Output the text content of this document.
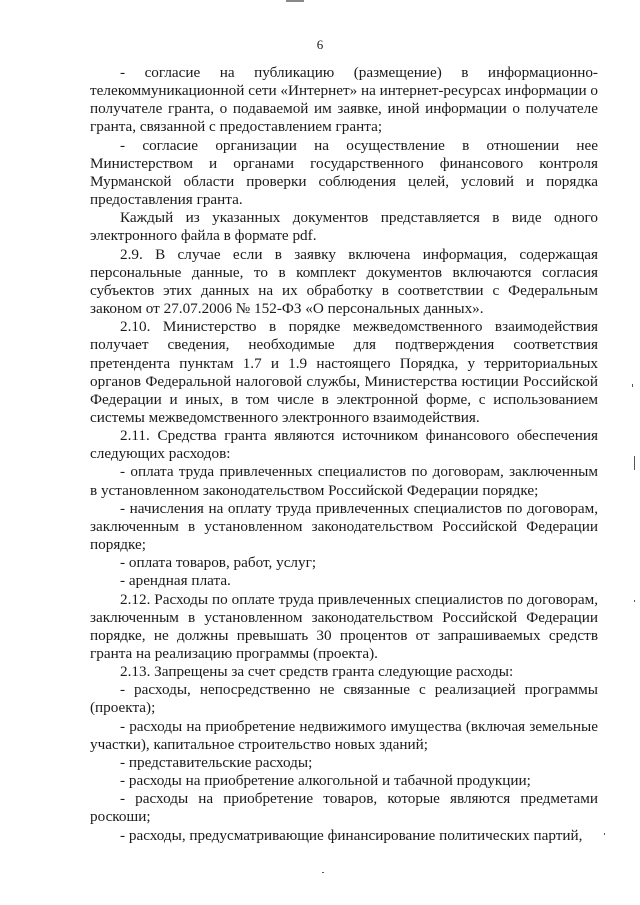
6

- согласие на публикацию (размещение) в информационно-телекоммуникационной сети «Интернет» на интернет-ресурсах информации о получателе гранта, о подаваемой им заявке, иной информации о получателе гранта, связанной с предоставлением гранта;

- согласие организации на осуществление в отношении нее Министерством и органами государственного финансового контроля Мурманской области проверки соблюдения целей, условий и порядка предоставления гранта.

Каждый из указанных документов представляется в виде одного электронного файла в формате pdf.

2.9. В случае если в заявку включена информация, содержащая персональные данные, то в комплект документов включаются согласия субъектов этих данных на их обработку в соответствии с Федеральным законом от 27.07.2006 № 152-ФЗ «О персональных данных».

2.10. Министерство в порядке межведомственного взаимодействия получает сведения, необходимые для подтверждения соответствия претендента пунктам 1.7 и 1.9 настоящего Порядка, у территориальных органов Федеральной налоговой службы, Министерства юстиции Российской Федерации и иных, в том числе в электронной форме, с использованием системы межведомственного электронного взаимодействия.

2.11. Средства гранта являются источником финансового обеспечения следующих расходов:

- оплата труда привлеченных специалистов по договорам, заключенным в установленном законодательством Российской Федерации порядке;

- начисления на оплату труда привлеченных специалистов по договорам, заключенным в установленном законодательством Российской Федерации порядке;

- оплата товаров, работ, услуг;

- арендная плата.

2.12. Расходы по оплате труда привлеченных специалистов по договорам, заключенным в установленном законодательством Российской Федерации порядке, не должны превышать 30 процентов от запрашиваемых средств гранта на реализацию программы (проекта).

2.13. Запрещены за счет средств гранта следующие расходы:

- расходы, непосредственно не связанные с реализацией программы (проекта);

- расходы на приобретение недвижимого имущества (включая земельные участки), капитальное строительство новых зданий;

- представительские расходы;

- расходы на приобретение алкогольной и табачной продукции;

- расходы на приобретение товаров, которые являются предметами роскоши;

- расходы, предусматривающие финансирование политических партий,
